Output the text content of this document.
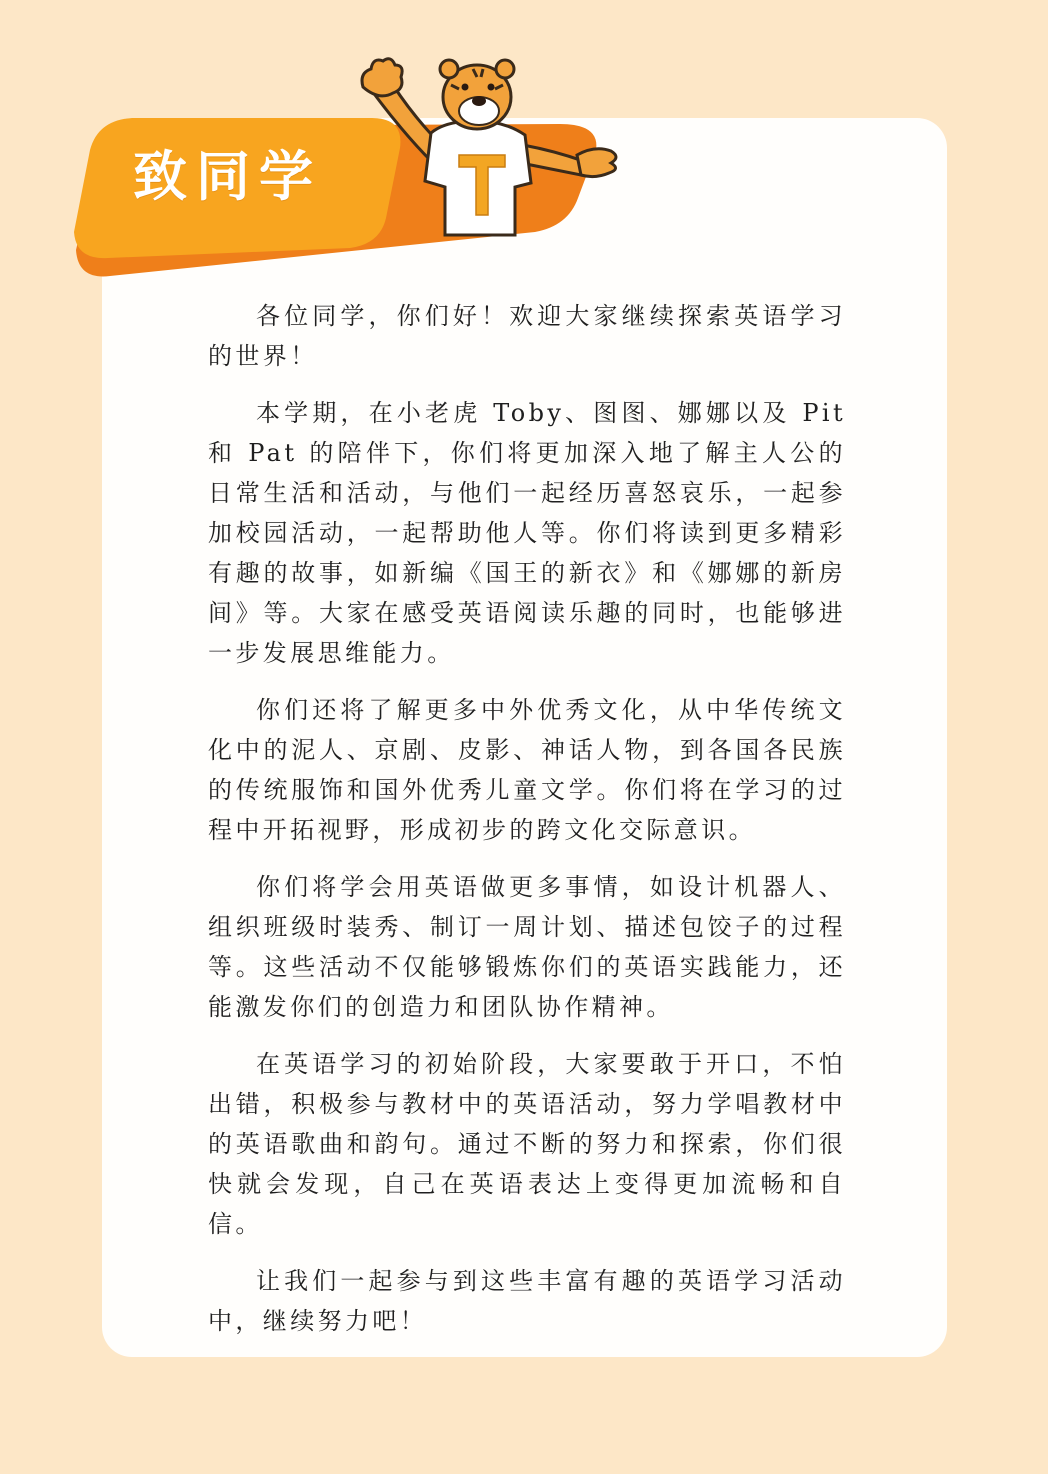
致同学

各位同学，你们好！欢迎大家继续探索英语学习的世界！

本学期，在小老虎 Toby、图图、娜娜以及 Pit 和 Pat 的陪伴下，你们将更加深入地了解主人公的日常生活和活动，与他们一起经历喜怒哀乐，一起参加校园活动，一起帮助他人等。你们将读到更多精彩有趣的故事，如新编《国王的新衣》和《娜娜的新房间》等。大家在感受英语阅读乐趣的同时，也能够进一步发展思维能力。

你们还将了解更多中外优秀文化，从中华传统文化中的泥人、京剧、皮影、神话人物，到各国各民族的传统服饰和国外优秀儿童文学。你们将在学习的过程中开拓视野，形成初步的跨文化交际意识。

你们将学会用英语做更多事情，如设计机器人、组织班级时装秀、制订一周计划、描述包饺子的过程等。这些活动不仅能够锻炼你们的英语实践能力，还能激发你们的创造力和团队协作精神。

在英语学习的初始阶段，大家要敢于开口，不怕出错，积极参与教材中的英语活动，努力学唱教材中的英语歌曲和韵句。通过不断的努力和探索，你们很快就会发现，自己在英语表达上变得更加流畅和自信。

让我们一起参与到这些丰富有趣的英语学习活动中，继续努力吧！
